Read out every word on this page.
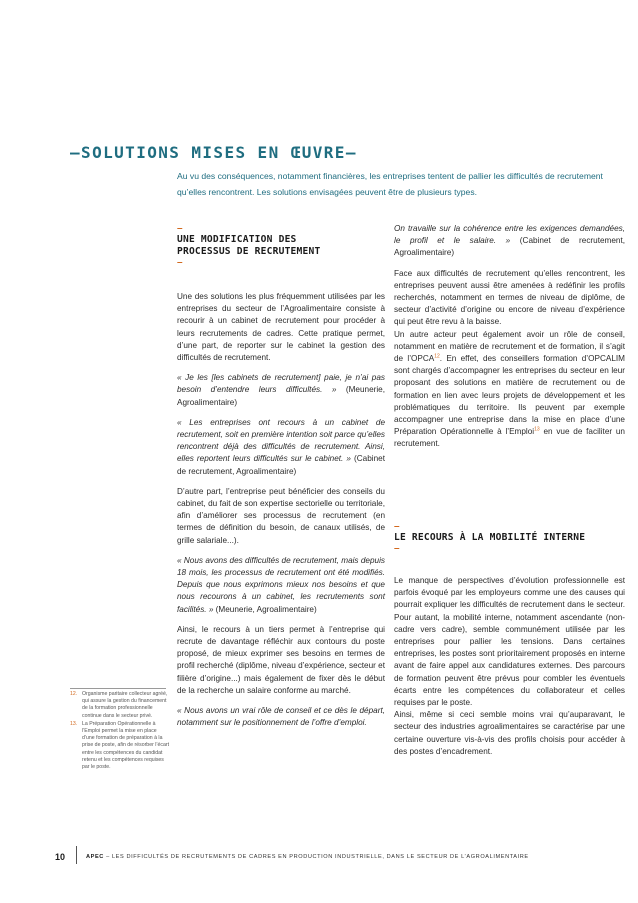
–SOLUTIONS MISES EN ŒUVRE–
Au vu des conséquences, notamment financières, les entreprises tentent de pallier les difficultés de recrutement qu’elles rencontrent. Les solutions envisagées peuvent être de plusieurs types.
–
UNE MODIFICATION DES
PROCESSUS DE RECRUTEMENT
–

Une des solutions les plus fréquemment utilisées par les entreprises du secteur de l’Agroalimentaire consiste à recourir à un cabinet de recrutement pour procéder à leurs recrutements de cadres. Cette pratique permet, d’une part, de reporter sur le cabinet la gestion des difficultés de recrutement.

« Je les [les cabinets de recrutement] paie, je n’ai pas besoin d’entendre leurs difficultés. » (Meunerie, Agroalimentaire)

« Les entreprises ont recours à un cabinet de recrutement, soit en première intention soit parce qu’elles rencontrent déjà des difficultés de recrutement. Ainsi, elles reportent leurs difficultés sur le cabinet. » (Cabinet de recrutement, Agroalimentaire)

D’autre part, l’entreprise peut bénéficier des conseils du cabinet, du fait de son expertise sectorielle ou territoriale, afin d’améliorer ses processus de recrutement (en termes de définition du besoin, de canaux utilisés, de grille salariale...).

« Nous avons des difficultés de recrutement, mais depuis 18 mois, les processus de recrutement ont été modifiés. Depuis que nous exprimons mieux nos besoins et que nous recourons à un cabinet, les recrutements sont facilités. » (Meunerie, Agroalimentaire)

Ainsi, le recours à un tiers permet à l’entreprise qui recrute de davantage réfléchir aux contours du poste proposé, de mieux exprimer ses besoins en termes de profil recherché (diplôme, niveau d’expérience, secteur et filière d’origine...) mais également de fixer dès le début de la recherche un salaire conforme au marché.

« Nous avons un vrai rôle de conseil et ce dès le départ, notamment sur le positionnement de l’offre d’emploi.

On travaille sur la cohérence entre les exigences demandées, le profil et le salaire. » (Cabinet de recrutement, Agroalimentaire)

Face aux difficultés de recrutement qu’elles rencontrent, les entreprises peuvent aussi être amenées à redéfinir les profils recherchés, notamment en termes de niveau de diplôme, de secteur d’activité d’origine ou encore de niveau d’expérience qui peut être revu à la baisse.

Un autre acteur peut également avoir un rôle de conseil, notamment en matière de recrutement et de formation, il s’agit de l’OPCA$^{12}$. En effet, des conseillers formation d’OPCALIM sont chargés d’accompagner les entreprises du secteur en leur proposant des solutions en matière de recrutement ou de formation en lien avec leurs projets de développement et les problématiques du territoire. Ils peuvent par exemple accompagner une entreprise dans la mise en place d’une Préparation Opérationnelle à l’Emploi$^{13}$ en vue de faciliter un recrutement.

–
LE RECOURS À LA MOBILITÉ INTERNE
–

Le manque de perspectives d’évolution professionnelle est parfois évoqué par les employeurs comme une des causes qui pourrait expliquer les difficultés de recrutement dans le secteur. Pour autant, la mobilité interne, notamment ascendante (non-cadre vers cadre), semble communément utilisée par les entreprises pour pallier les tensions. Dans certaines entreprises, les postes sont prioritairement proposés en interne avant de faire appel aux candidatures externes. Des parcours de formation peuvent être prévus pour combler les éventuels écarts entre les compétences du collaborateur et celles requises par le poste.

Ainsi, même si ceci semble moins vrai qu’auparavant, le secteur des industries agroalimentaires se caractérise par une certaine ouverture vis-à-vis des profils choisis pour accéder à des postes d’encadrement.

12. Organisme paritaire collecteur agréé, qui assure la gestion du financement de la formation professionnelle continue dans le secteur privé.
13. La Préparation Opérationnelle à l’Emploi permet la mise en place d’une formation de préparation à la prise de poste, afin de résorber l’écart entre les compétences du candidat retenu et les compétences requises par le poste.
10	APEC – LES DIFFICULTÉS DE RECRUTEMENTS DE CADRES EN PRODUCTION INDUSTRIELLE, DANS LE SECTEUR DE L’AGROALIMENTAIRE
